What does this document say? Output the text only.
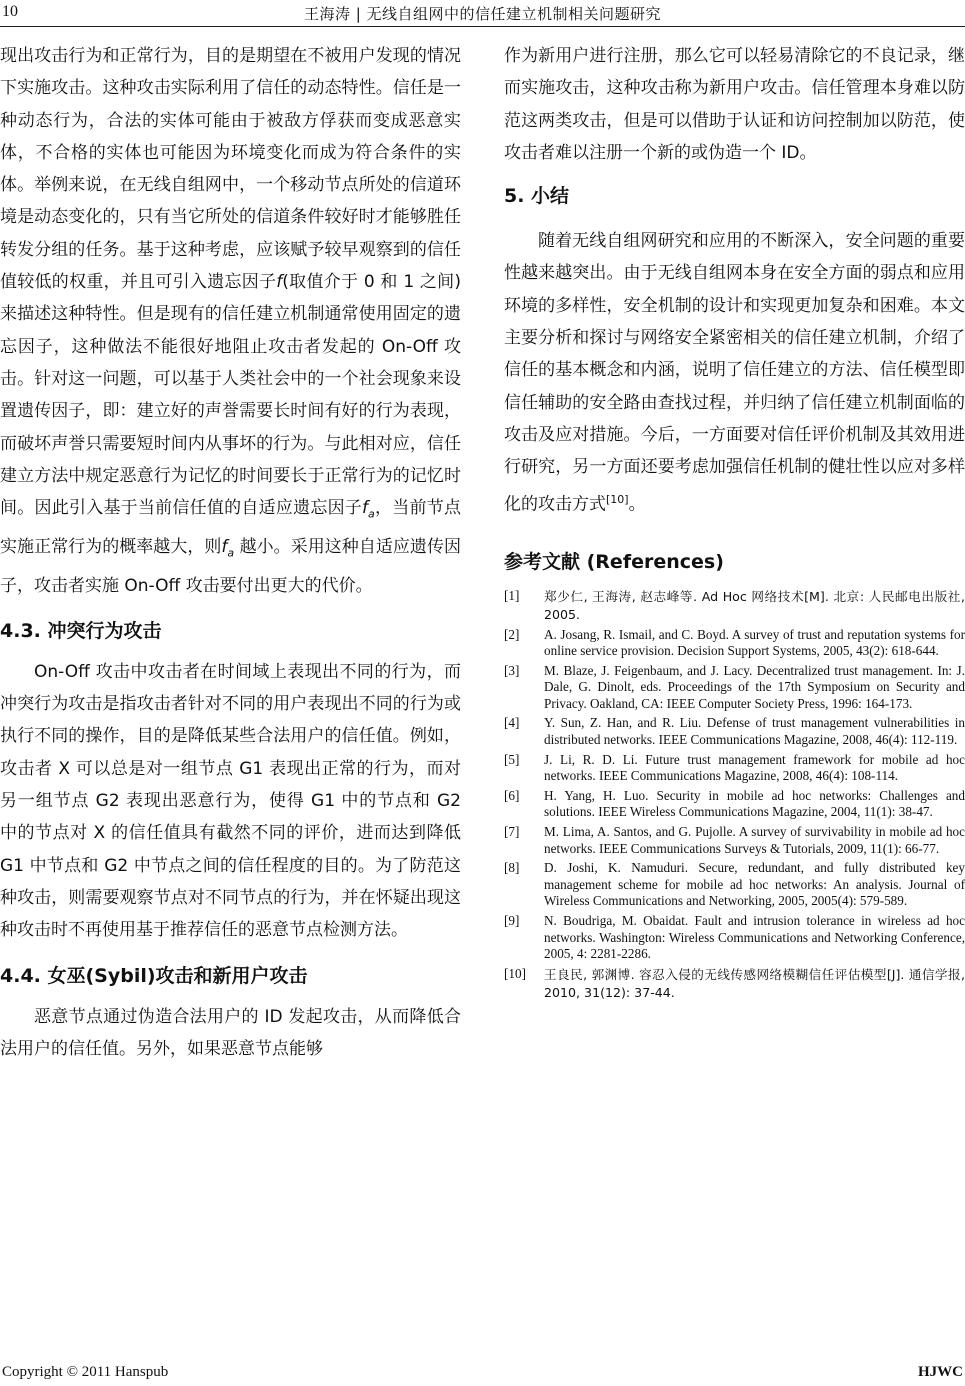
10	王海涛 | 无线自组网中的信任建立机制相关问题研究

现出攻击行为和正常行为，目的是期望在不被用户发现的情况下实施攻击。这种攻击实际利用了信任的动态特性。信任是一种动态行为，合法的实体可能由于被敌方俘获而变成恶意实体，不合格的实体也可能因为环境变化而成为符合条件的实体。举例来说，在无线自组网中，一个移动节点所处的信道环境是动态变化的，只有当它所处的信道条件较好时才能够胜任转发分组的任务。基于这种考虑，应该赋予较早观察到的信任值较低的权重，并且可引入遗忘因子f(取值介于 0 和 1 之间)来描述这种特性。但是现有的信任建立机制通常使用固定的遗忘因子，这种做法不能很好地阻止攻击者发起的 On-Off 攻击。针对这一问题，可以基于人类社会中的一个社会现象来设置遗传因子，即：建立好的声誉需要长时间有好的行为表现，而破坏声誉只需要短时间内从事坏的行为。与此相对应，信任建立方法中规定恶意行为记忆的时间要长于正常行为的记忆时间。因此引入基于当前信任值的自适应遗忘因子$f_a$，当前节点实施正常行为的概率越大，则$f_a$ 越小。采用这种自适应遗传因子，攻击者实施 On-Off 攻击要付出更大的代价。

4.3. 冲突行为攻击

On-Off 攻击中攻击者在时间域上表现出不同的行为，而冲突行为攻击是指攻击者针对不同的用户表现出不同的行为或执行不同的操作，目的是降低某些合法用户的信任值。例如，攻击者 X 可以总是对一组节点 G1 表现出正常的行为，而对另一组节点 G2 表现出恶意行为，使得 G1 中的节点和 G2 中的节点对 X 的信任值具有截然不同的评价，进而达到降低 G1 中节点和 G2 中节点之间的信任程度的目的。为了防范这种攻击，则需要观察节点对不同节点的行为，并在怀疑出现这种攻击时不再使用基于推荐信任的恶意节点检测方法。

4.4. 女巫(Sybil)攻击和新用户攻击

恶意节点通过伪造合法用户的 ID 发起攻击，从而降低合法用户的信任值。另外，如果恶意节点能够

作为新用户进行注册，那么它可以轻易清除它的不良记录，继而实施攻击，这种攻击称为新用户攻击。信任管理本身难以防范这两类攻击，但是可以借助于认证和访问控制加以防范，使攻击者难以注册一个新的或伪造一个 ID。

5. 小结

随着无线自组网研究和应用的不断深入，安全问题的重要性越来越突出。由于无线自组网本身在安全方面的弱点和应用环境的多样性，安全机制的设计和实现更加复杂和困难。本文主要分析和探讨与网络安全紧密相关的信任建立机制，介绍了信任的基本概念和内涵，说明了信任建立的方法、信任模型即信任辅助的安全路由查找过程，并归纳了信任建立机制面临的攻击及应对措施。今后，一方面要对信任评价机制及其效用进行研究，另一方面还要考虑加强信任机制的健壮性以应对多样化的攻击方式[10]。

参考文献 (References)
[1]	郑少仁, 王海涛, 赵志峰等. Ad Hoc 网络技术[M]. 北京: 人民邮电出版社, 2005.
[2]	A. Josang, R. Ismail, and C. Boyd. A survey of trust and reputation systems for online service provision. Decision Support Systems, 2005, 43(2): 618-644.
[3]	M. Blaze, J. Feigenbaum, and J. Lacy. Decentralized trust management. In: J. Dale, G. Dinolt, eds. Proceedings of the 17th Symposium on Security and Privacy. Oakland, CA: IEEE Computer Society Press, 1996: 164-173.
[4]	Y. Sun, Z. Han, and R. Liu. Defense of trust management vulnerabilities in distributed networks. IEEE Communications Magazine, 2008, 46(4): 112-119.
[5]	J. Li, R. D. Li. Future trust management framework for mobile ad hoc networks. IEEE Communications Magazine, 2008, 46(4): 108-114.
[6]	H. Yang, H. Luo. Security in mobile ad hoc networks: Challenges and solutions. IEEE Wireless Communications Magazine, 2004, 11(1): 38-47.
[7]	M. Lima, A. Santos, and G. Pujolle. A survey of survivability in mobile ad hoc networks. IEEE Communications Surveys & Tutorials, 2009, 11(1): 66-77.
[8]	D. Joshi, K. Namuduri. Secure, redundant, and fully distributed key management scheme for mobile ad hoc networks: An analysis. Journal of Wireless Communications and Networking, 2005, 2005(4): 579-589.
[9]	N. Boudriga, M. Obaidat. Fault and intrusion tolerance in wireless ad hoc networks. Washington: Wireless Communications and Networking Conference, 2005, 4: 2281-2286.
[10]	王良民, 郭渊博. 容忍入侵的无线传感网络模糊信任评估模型[J]. 通信学报, 2010, 31(12): 37-44.
Copyright © 2011 Hanspub	HJWC
